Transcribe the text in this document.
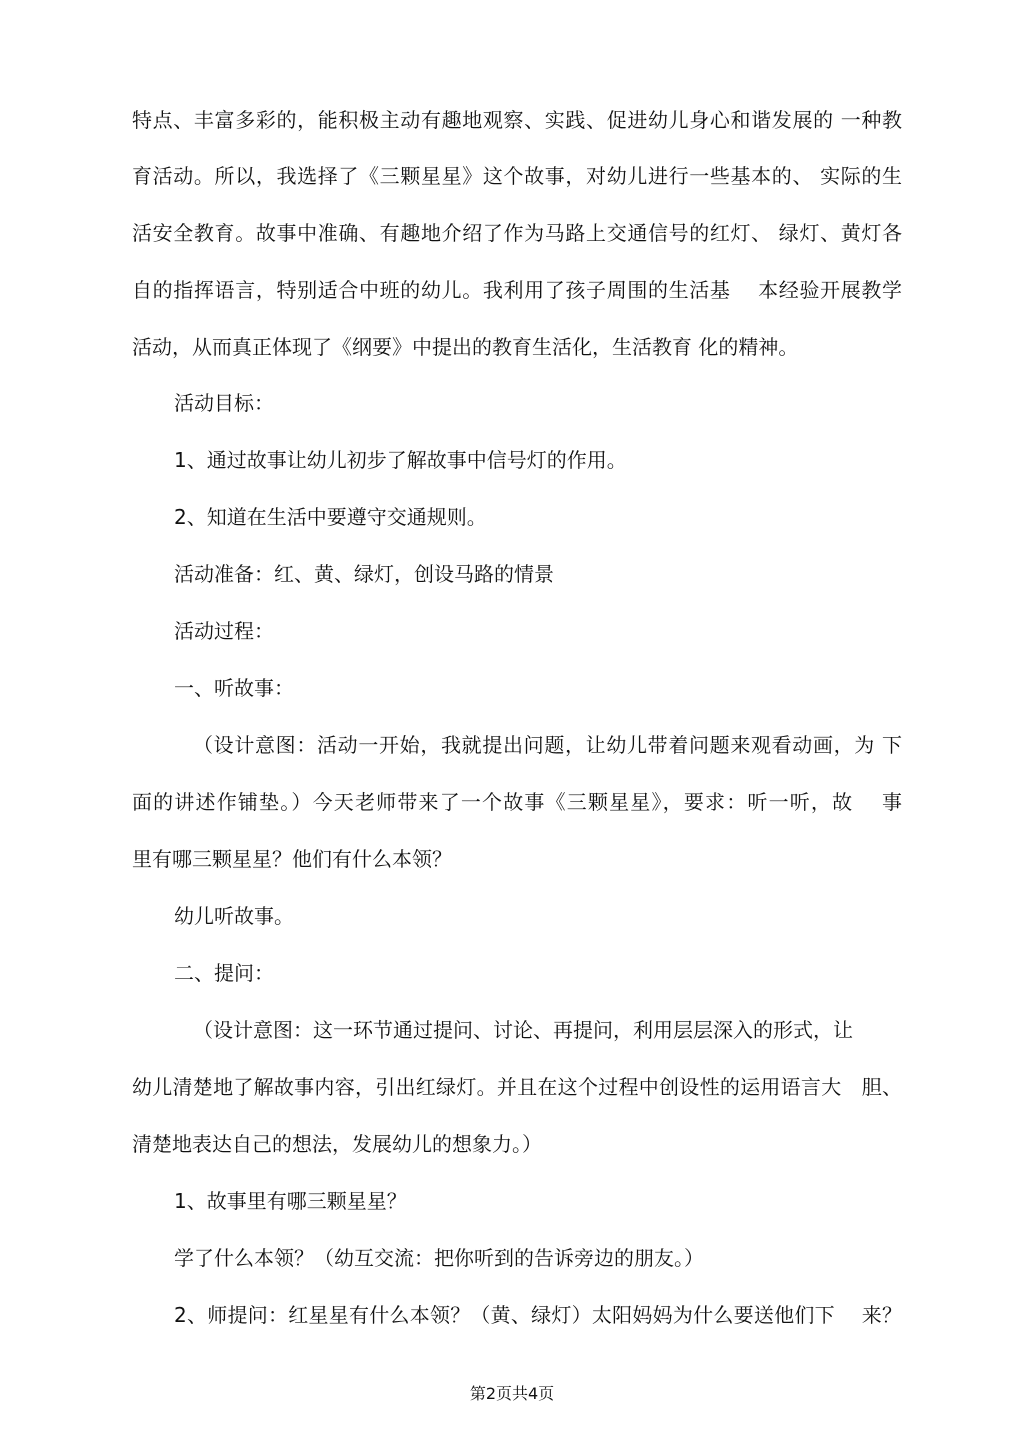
特点、丰富多彩的，能积极主动有趣地观察、实践、促进幼儿身心和谐发展的 一种教
育活动。所以，我选择了《三颗星星》这个故事，对幼儿进行一些基本的、 实际的生
活安全教育。故事中准确、有趣地介绍了作为马路上交通信号的红灯、 绿灯、黄灯各
自的指挥语言，特别适合中班的幼儿。我利用了孩子周围的生活基　 本经验开展教学
活动，从而真正体现了《纲要》中提出的教育生活化，生活教育 化的精神。
活动目标：
1、通过故事让幼儿初步了解故事中信号灯的作用。
2、知道在生活中要遵守交通规则。
活动准备：红、黄、绿灯，创设马路的情景
活动过程：
一、听故事：
（设计意图：活动一开始，我就提出问题，让幼儿带着问题来观看动画，为 下
面的讲述作铺垫。）今天老师带来了一个故事《三颗星星》，要求：听一听，故　 事
里有哪三颗星星？他们有什么本领？
幼儿听故事。
二、提问：
（设计意图：这一环节通过提问、讨论、再提问，利用层层深入的形式，让
幼儿清楚地了解故事内容，引出红绿灯。并且在这个过程中创设性的运用语言大　胆、
清楚地表达自己的想法，发展幼儿的想象力。）
1、故事里有哪三颗星星？
学了什么本领？（幼互交流：把你听到的告诉旁边的朋友。）
2、师提问：红星星有什么本领？（黄、绿灯）太阳妈妈为什么要送他们下　 来？
第2页共4页
